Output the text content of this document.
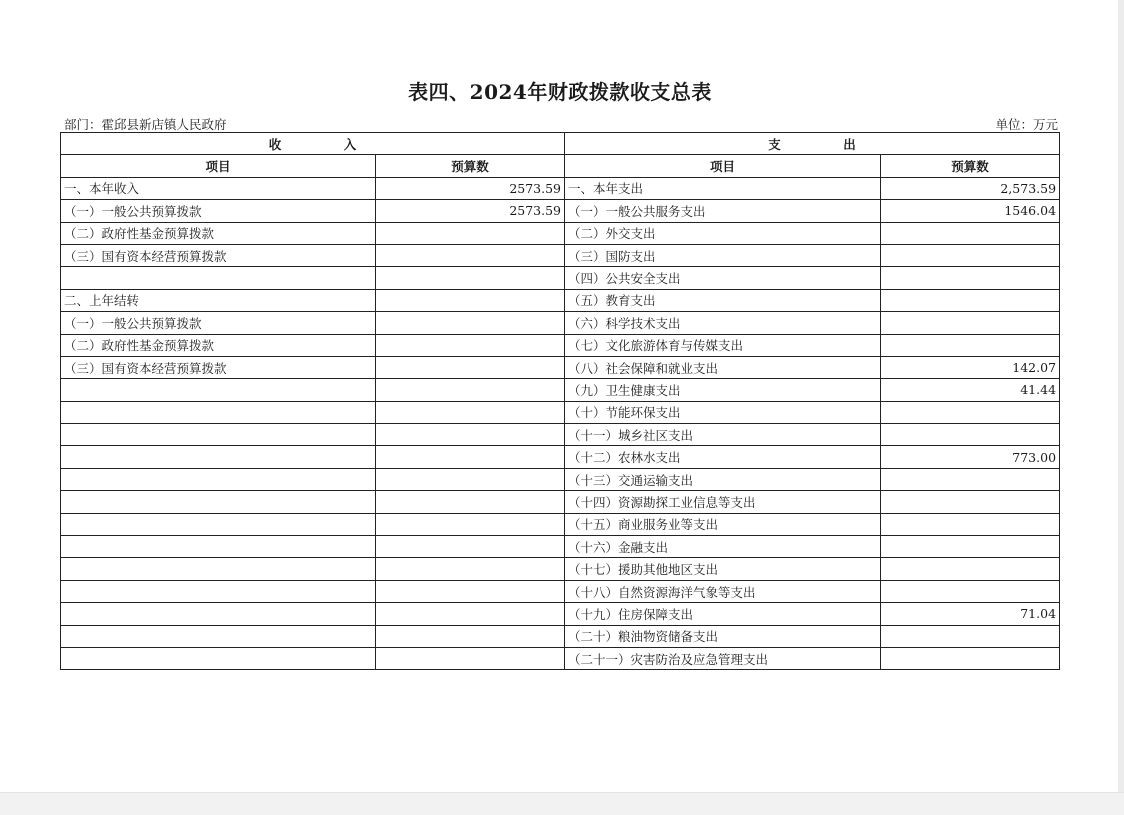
表四、2024年财政拨款收支总表
部门：霍邱县新店镇人民政府	单位：万元
收　　　　　入		支　　　　　出	
项目	预算数	项目	预算数
一、本年收入	2573.59	一、本年支出	2,573.59
（一）一般公共预算拨款	2573.59	（一）一般公共服务支出	1546.04
（二）政府性基金预算拨款		（二）外交支出	
（三）国有资本经营预算拨款		（三）国防支出	
		（四）公共安全支出	
二、上年结转		（五）教育支出	
（一）一般公共预算拨款		（六）科学技术支出	
（二）政府性基金预算拨款		（七）文化旅游体育与传媒支出	
（三）国有资本经营预算拨款		（八）社会保障和就业支出	142.07
		（九）卫生健康支出	41.44
		（十）节能环保支出	
		（十一）城乡社区支出	
		（十二）农林水支出	773.00
		（十三）交通运输支出	
		（十四）资源勘探工业信息等支出	
		（十五）商业服务业等支出	
		（十六）金融支出	
		（十七）援助其他地区支出	
		（十八）自然资源海洋气象等支出	
		（十九）住房保障支出	71.04
		（二十）粮油物资储备支出	
		（二十一）灾害防治及应急管理支出	
